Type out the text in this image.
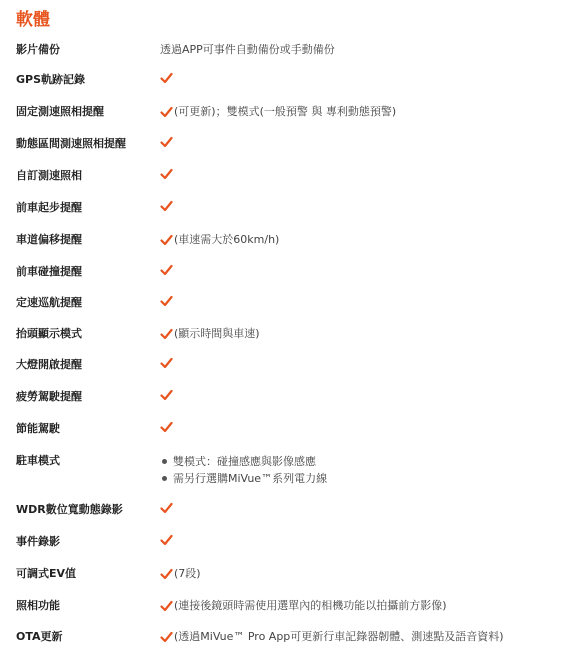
軟體
影片備份	透過APP可事件自動備份或手動備份
GPS軌跡記錄
固定測速照相提醒	(可更新)；雙模式(一般預警 與 專利動態預警)
動態區間測速照相提醒
自訂測速照相
前車起步提醒
車道偏移提醒	(車速需大於60km/h)
前車碰撞提醒
定速巡航提醒
抬頭顯示模式	(顯示時間與車速)
大燈開啟提醒
疲勞駕駛提醒
節能駕駛
駐車模式	雙模式：碰撞感應與影像感應
需另行選購MiVue™系列電力線
WDR數位寬動態錄影
事件錄影
可調式EV值	(7段)
照相功能	(連接後鏡頭時需使用選單內的相機功能以拍攝前方影像)
OTA更新	(透過MiVue™ Pro App可更新行車記錄器韌體、測速點及語音資料)
